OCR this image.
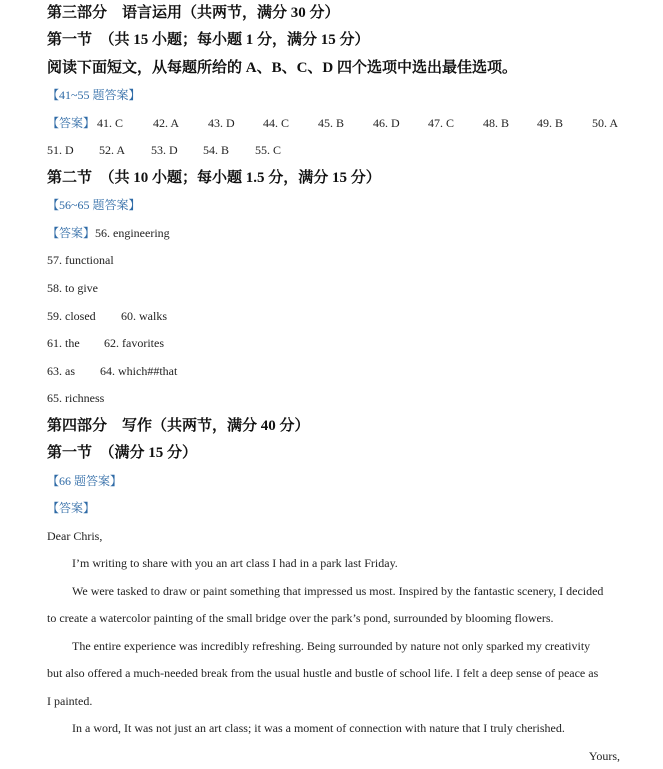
第三部分　语言运用（共两节，满分 30 分）
第一节　（共 15 小题；每小题 1 分，满分 15 分）
阅读下面短文，从每题所给的 A、B、C、D 四个选项中选出最佳选项。
【41~55 题答案】
【答案】 41. C 42. A 43. D 44. C 45. B 46. D 47. C 48. B 49. B 50. A
51. D 52. A 53. D 54. B 55. C
第二节　（共 10 小题；每小题 1.5 分，满分 15 分）
【56~65 题答案】
【答案】56. engineering
57. functional
58. to give
59. closed 60. walks
61. the 62. favorites
63. as 64. which##that
65. richness
第四部分　写作（共两节，满分 40 分）
第一节　（满分 15 分）
【66 题答案】
【答案】
Dear Chris,
I’m writing to share with you an art class I had in a park last Friday.
We were tasked to draw or paint something that impressed us most. Inspired by the fantastic scenery, I decided
to create a watercolor painting of the small bridge over the park’s pond, surrounded by blooming flowers.
The entire experience was incredibly refreshing. Being surrounded by nature not only sparked my creativity
but also offered a much-needed break from the usual hustle and bustle of school life. I felt a deep sense of peace as
I painted.
In a word, It was not just an art class; it was a moment of connection with nature that I truly cherished.
Yours,
